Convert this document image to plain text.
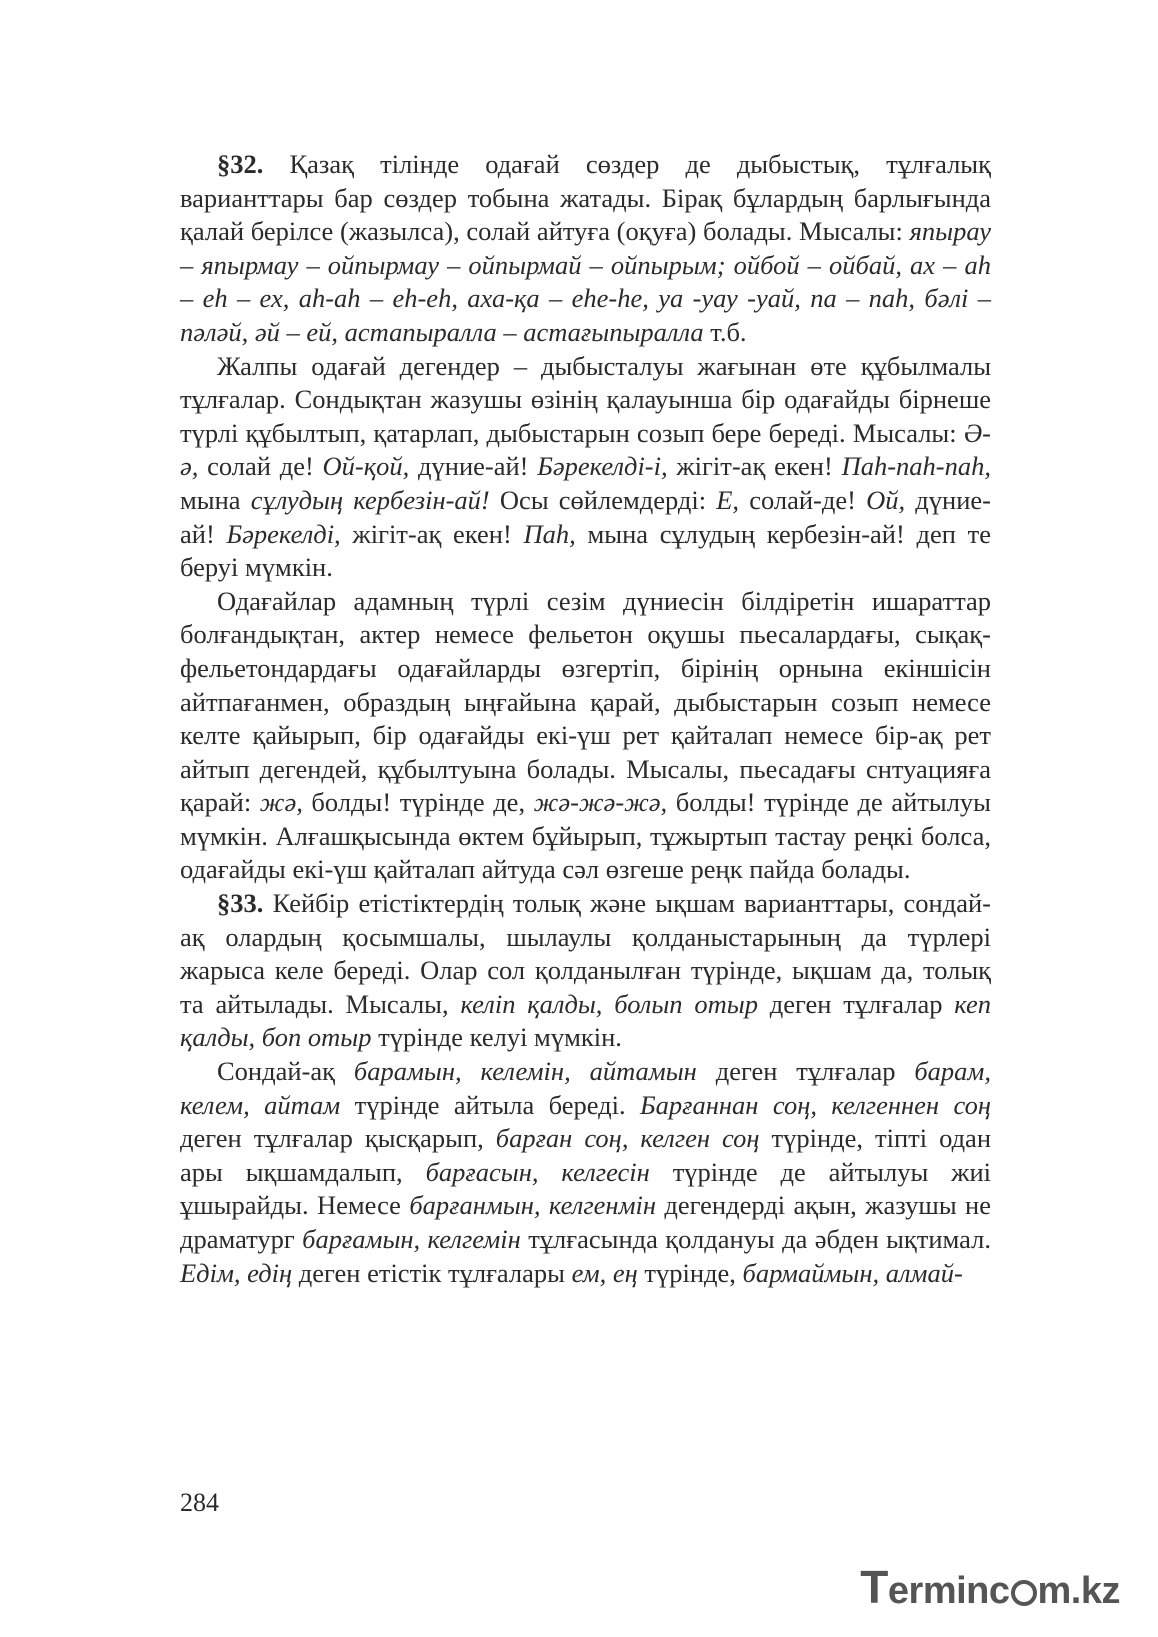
§32. Қазақ тілінде одағай сөздер де дыбыстық, тұлғалық варианттары бар сөздер тобына жатады. Бірақ бұлардың барлығында қалай берілсе (жазылса), солай айтуға (оқуға) болады. Мысалы: япырау – япырмау – ойпырмау – ойпырмай – ойпырым; ойбой – ойбай, ах – аһ – еһ – ех, аһ-аһ – еһ-еһ, аха-қа – еһе-һе, уа -уау -уай, па – паһ, бәлі – пәләй, әй – ей, астапыралла – астағыпыралла т.б.

Жалпы одағай дегендер – дыбысталуы жағынан өте құбылмалы тұлғалар. Сондықтан жазушы өзінің қалауынша бір одағайды бірнеше түрлі құбылтып, қатарлап, дыбыстарын созып бере береді. Мысалы: Ә-ә, солай де! Ой-қой, дүние-ай! Бәрекелді-і, жігіт-ақ екен! Паһ-паһ-паһ, мына сұлудың кербезін-ай! Осы сөйлемдерді: Е, солай-де! Ой, дүние-ай! Бәрекелді, жігіт-ақ екен! Паһ, мына сұлудың кербезін-ай! деп те беруі мүмкін.

Одағайлар адамның түрлі сезім дүниесін білдіретін ишараттар болғандықтан, актер немесе фельетон оқушы пьесалардағы, сықақ- фельетондардағы одағайларды өзгертіп, бірінің орнына екіншісін айтпағанмен, образдың ыңғайына қарай, дыбыстарын созып немесе келте қайырып, бір одағайды екі-үш рет қайталап немесе бір-ақ рет айтып дегендей, құбылтуына болады. Мысалы, пьесадағы снтуацияға қарай: жә, болды! түрінде де, жә-жә-жә, болды! түрінде де айтылуы мүмкін. Алғашқысында өктем бұйырып, тұжыртып тастау реңкі болса, одағайды екі-үш қайталап айтуда сәл өзгеше реңк пайда болады.

§33. Кейбір етістіктердің толық және ықшам варианттары, сондай-ақ олардың қосымшалы, шылаулы қолданыстарының да түрлері жарыса келе береді. Олар сол қолданылған түрінде, ықшам да, толық та айтылады. Мысалы, келіп қалды, болып отыр деген тұлғалар кеп қалды, боп отыр түрінде келуі мүмкін.

Сондай-ақ барамын, келемін, айтамын деген тұлғалар барам, келем, айтам түрінде айтыла береді. Барғаннан соң, келгеннен соң деген тұлғалар қысқарып, барған соң, келген соң түрінде, тіпті одан ары ықшамдалып, барғасын, келгесін түрінде де айтылуы жиі ұшырайды. Немесе барғанмын, келгенмін дегендерді ақын, жазушы не драматург барғамын, келгемін тұлғасында қолдануы да әбден ықтимал. Едім, едің деген етістік тұлғалары ем, ең түрінде, бармаймын, алмай-

284
Terminc m.kz
